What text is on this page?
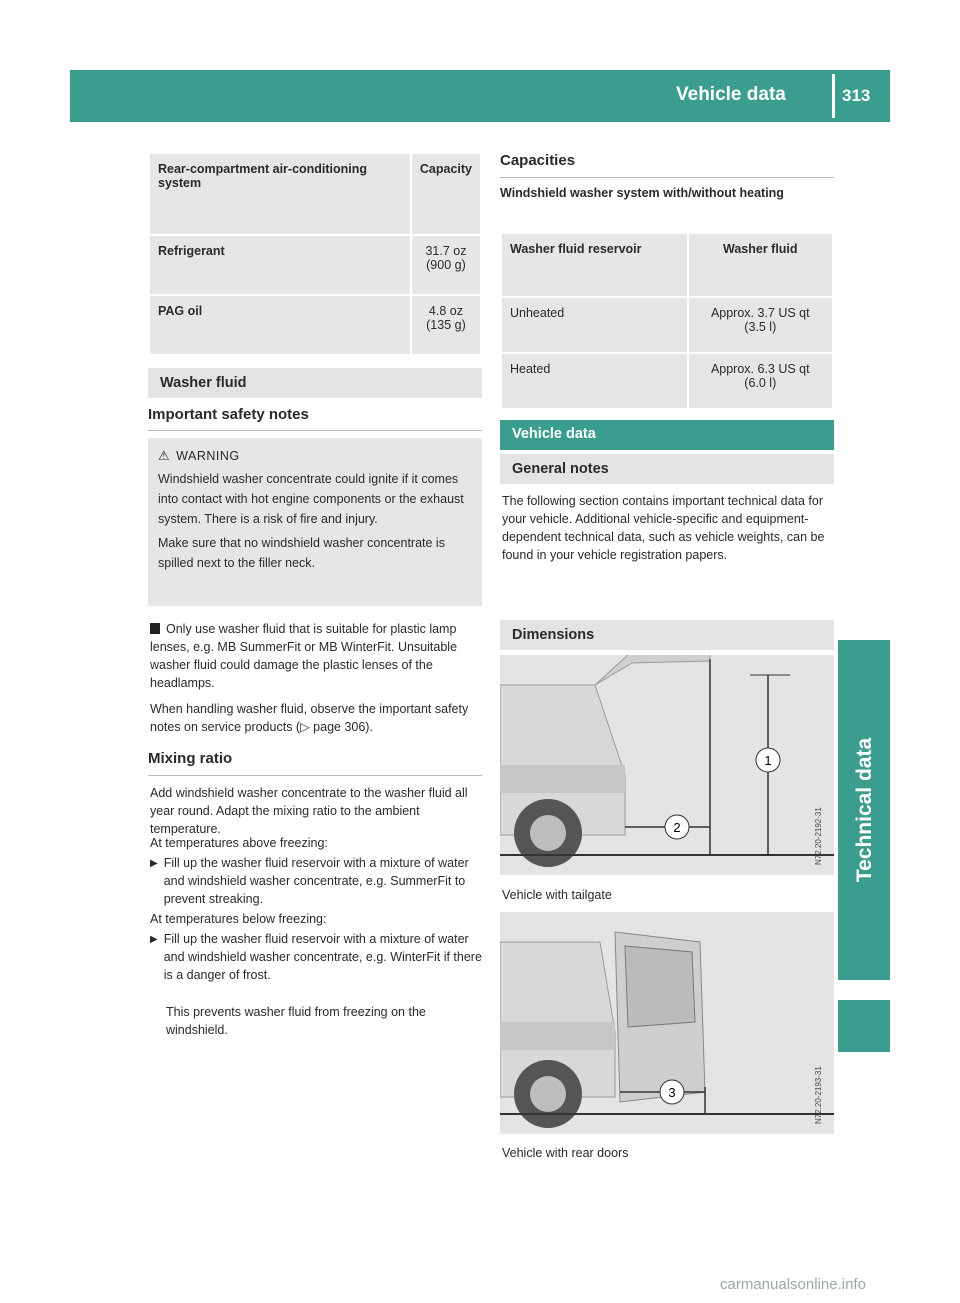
Vehicle data	313
Technical data
Rear-compartment air-conditioning system	Capacity
Refrigerant	31.7 oz
(900 g)

PAG oil	4.8 oz
(135 g)
Washer fluid
Important safety notes
⚠ WARNING
Windshield washer concentrate could ignite if it comes into contact with hot engine components or the exhaust system. There is a risk of fire and injury.
Make sure that no windshield washer concentrate is spilled next to the filler neck.
Only use washer fluid that is suitable for plastic lamp lenses, e.g. MB SummerFit or MB WinterFit. Unsuitable washer fluid could damage the plastic lenses of the headlamps.
When handling washer fluid, observe the important safety notes on service products (▷ page 306).
Mixing ratio
Add windshield washer concentrate to the washer fluid all year round. Adapt the mixing ratio to the ambient temperature.
At temperatures above freezing:
▶ Fill up the washer fluid reservoir with a mixture of water and windshield washer concentrate, e.g. SummerFit to prevent streaking.
At temperatures below freezing:
▶ Fill up the washer fluid reservoir with a mixture of water and windshield washer concentrate, e.g. WinterFit if there is a danger of frost.
This prevents washer fluid from freezing on the windshield.
Capacities
Windshield washer system with/without heating
Washer fluid reservoir	Washer fluid
Unheated	Approx. 3.7 US qt
(3.5 l)

Heated	Approx. 6.3 US qt
(6.0 l)
Vehicle data
General notes
The following section contains important technical data for your vehicle. Additional vehicle-specific and equipment-dependent technical data, such as vehicle weights, can be found in your vehicle registration papers.
Dimensions
1
2	N72.20-2192-31
Vehicle with tailgate
3	N72.20-2193-31
Vehicle with rear doors
carmanualsonline.info
